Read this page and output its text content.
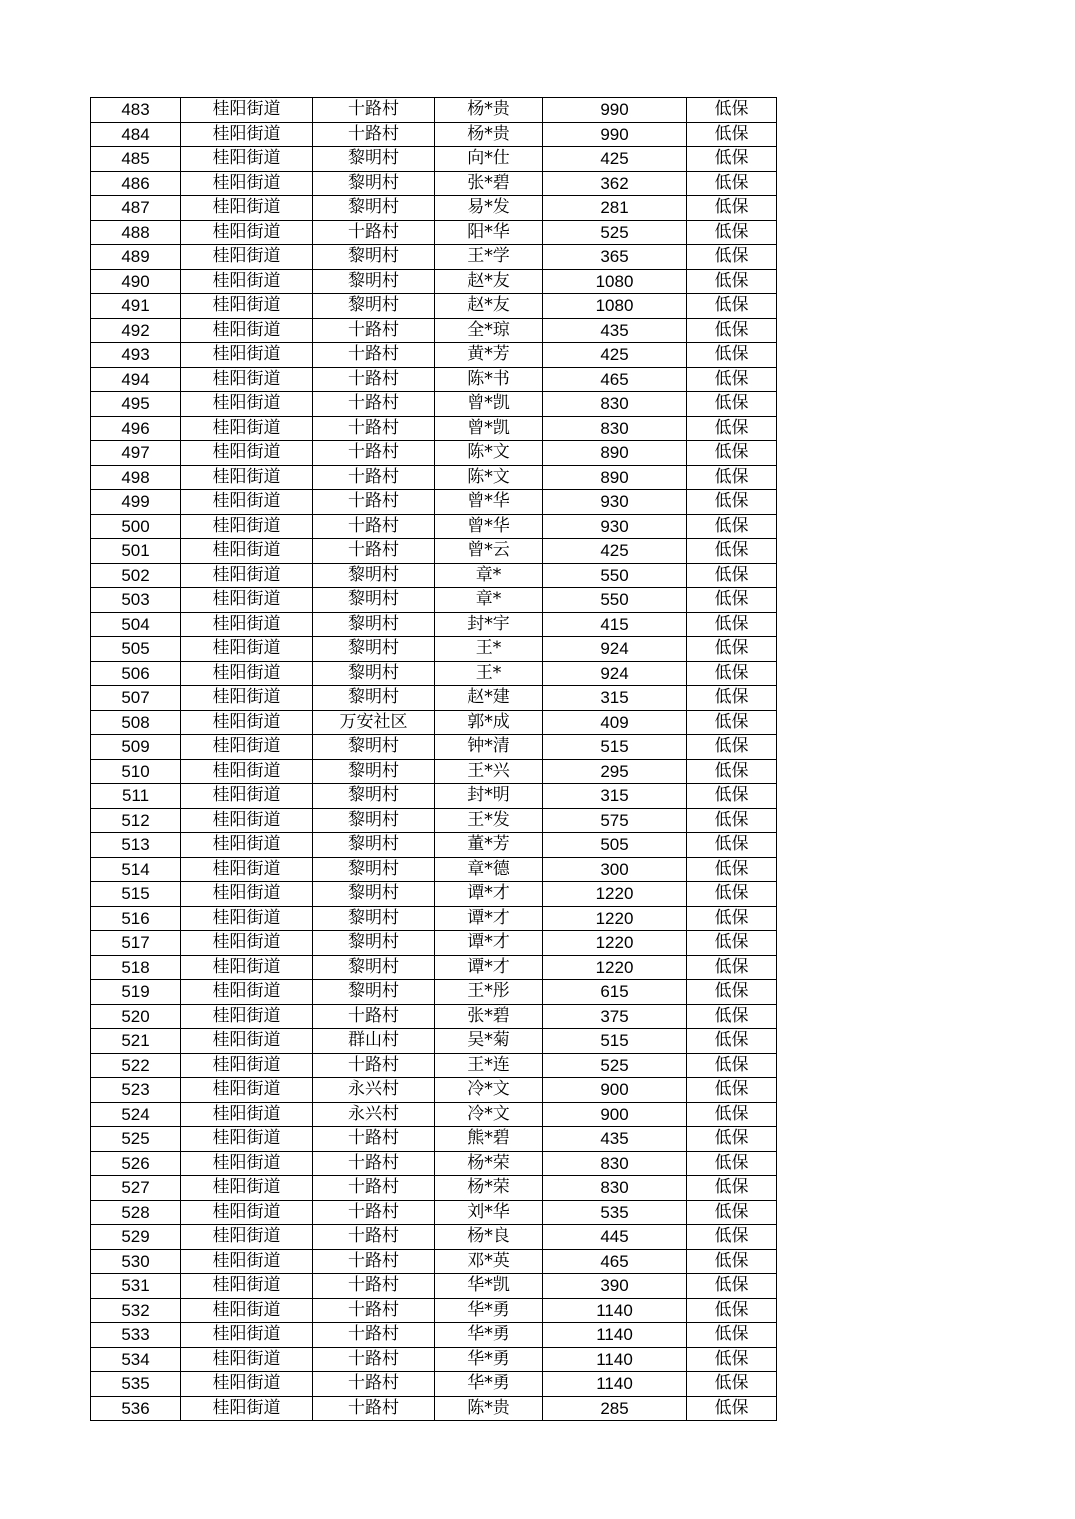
483	桂阳街道	十路村	杨*贵	990	低保
484	桂阳街道	十路村	杨*贵	990	低保
485	桂阳街道	黎明村	向*仕	425	低保
486	桂阳街道	黎明村	张*碧	362	低保
487	桂阳街道	黎明村	易*发	281	低保
488	桂阳街道	十路村	阳*华	525	低保
489	桂阳街道	黎明村	王*学	365	低保
490	桂阳街道	黎明村	赵*友	1080	低保
491	桂阳街道	黎明村	赵*友	1080	低保
492	桂阳街道	十路村	全*琼	435	低保
493	桂阳街道	十路村	黄*芳	425	低保
494	桂阳街道	十路村	陈*书	465	低保
495	桂阳街道	十路村	曾*凯	830	低保
496	桂阳街道	十路村	曾*凯	830	低保
497	桂阳街道	十路村	陈*文	890	低保
498	桂阳街道	十路村	陈*文	890	低保
499	桂阳街道	十路村	曾*华	930	低保
500	桂阳街道	十路村	曾*华	930	低保
501	桂阳街道	十路村	曾*云	425	低保
502	桂阳街道	黎明村	章*	550	低保
503	桂阳街道	黎明村	章*	550	低保
504	桂阳街道	黎明村	封*宇	415	低保
505	桂阳街道	黎明村	王*	924	低保
506	桂阳街道	黎明村	王*	924	低保
507	桂阳街道	黎明村	赵*建	315	低保
508	桂阳街道	万安社区	郭*成	409	低保
509	桂阳街道	黎明村	钟*清	515	低保
510	桂阳街道	黎明村	王*兴	295	低保
511	桂阳街道	黎明村	封*明	315	低保
512	桂阳街道	黎明村	王*发	575	低保
513	桂阳街道	黎明村	董*芳	505	低保
514	桂阳街道	黎明村	章*德	300	低保
515	桂阳街道	黎明村	谭*才	1220	低保
516	桂阳街道	黎明村	谭*才	1220	低保
517	桂阳街道	黎明村	谭*才	1220	低保
518	桂阳街道	黎明村	谭*才	1220	低保
519	桂阳街道	黎明村	王*彤	615	低保
520	桂阳街道	十路村	张*碧	375	低保
521	桂阳街道	群山村	吴*菊	515	低保
522	桂阳街道	十路村	王*连	525	低保
523	桂阳街道	永兴村	冷*文	900	低保
524	桂阳街道	永兴村	冷*文	900	低保
525	桂阳街道	十路村	熊*碧	435	低保
526	桂阳街道	十路村	杨*荣	830	低保
527	桂阳街道	十路村	杨*荣	830	低保
528	桂阳街道	十路村	刘*华	535	低保
529	桂阳街道	十路村	杨*良	445	低保
530	桂阳街道	十路村	邓*英	465	低保
531	桂阳街道	十路村	华*凯	390	低保
532	桂阳街道	十路村	华*勇	1140	低保
533	桂阳街道	十路村	华*勇	1140	低保
534	桂阳街道	十路村	华*勇	1140	低保
535	桂阳街道	十路村	华*勇	1140	低保
536	桂阳街道	十路村	陈*贵	285	低保
